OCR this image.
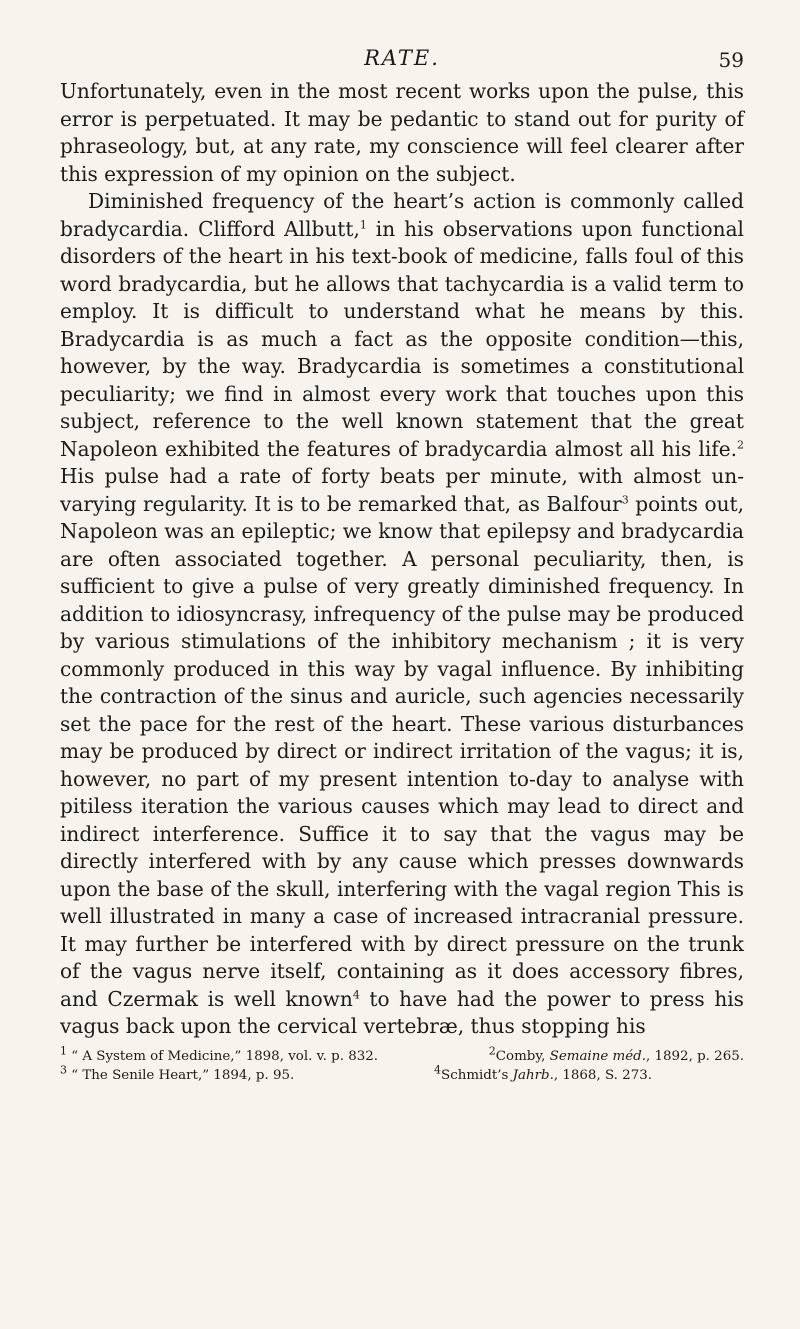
RATE.	59

Unfortunately, even in the most recent works upon the pulse, this error is perpetuated. It may be pedantic to stand out for purity of phraseology, but, at any rate, my conscience will feel clearer after this expression of my opinion on the subject.

Diminished frequency of the heart’s action is commonly called bradycardia. Clifford Allbutt,$^1$ in his observations upon functional disorders of the heart in his text-book of medicine, falls foul of this word bradycardia, but he allows that tachycardia is a valid term to employ. It is difficult to understand what he means by this. Bradycardia is as much a fact as the opposite condition—this, however, by the way. Bradycardia is sometimes a constitutional peculiarity; we find in almost every work that touches upon this subject, reference to the well known statement that the great Napoleon exhibited the features of bradycardia almost all his life.$^2$ His pulse had a rate of forty beats per minute, with almost unvarying regularity. It is to be remarked that, as Balfour$^3$ points out, Napoleon was an epileptic; we know that epilepsy and bradycardia are often associated together. A personal peculiarity, then, is sufficient to give a pulse of very greatly diminished frequency. In addition to idiosyncrasy, infrequency of the pulse may be produced by various stimulations of the inhibitory mechanism ; it is very commonly produced in this way by vagal influence. By inhibiting the contraction of the sinus and auricle, such agencies necessarily set the pace for the rest of the heart. These various disturbances may be produced by direct or indirect irritation of the vagus; it is, however, no part of my present intention to-day to analyse with pitiless iteration the various causes which may lead to direct and indirect interference. Suffice it to say that the vagus may be directly interfered with by any cause which presses downwards upon the base of the skull, interfering with the vagal region This is well illustrated in many a case of increased intracranial pressure. It may further be interfered with by direct pressure on the trunk of the vagus nerve itself, containing as it does accessory fibres, and Czermak is well known$^4$ to have had the power to press his vagus back upon the cervical vertebræ, thus stopping his

$^1$ “ A System of Medicine,” 1898, vol. v. p. 832.	$^2$Comby, Semaine méd., 1892, p. 265.
$^3$ “ The Senile Heart,” 1894, p. 95.	$^4$Schmidt’s Jahrb., 1868, S. 273.
